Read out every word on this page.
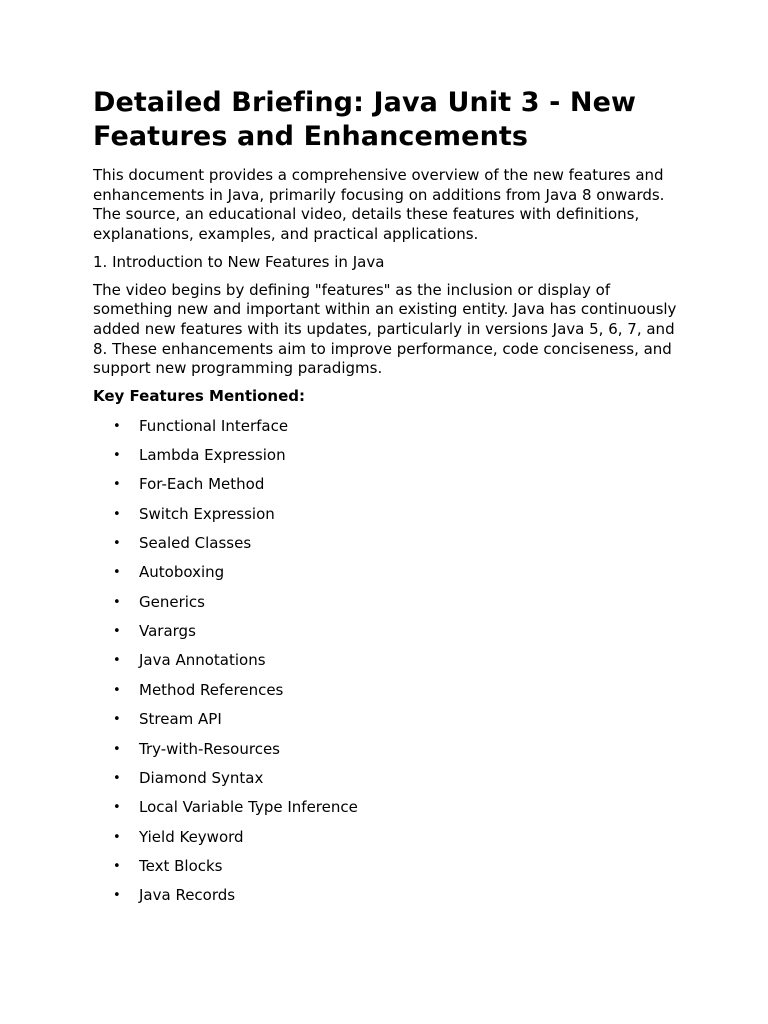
Detailed Briefing: Java Unit 3 - New Features and Enhancements

This document provides a comprehensive overview of the new features and enhancements in Java, primarily focusing on additions from Java 8 onwards. The source, an educational video, details these features with definitions, explanations, examples, and practical applications.

1. Introduction to New Features in Java

The video begins by defining "features" as the inclusion or display of something new and important within an existing entity. Java has continuously added new features with its updates, particularly in versions Java 5, 6, 7, and 8. These enhancements aim to improve performance, code conciseness, and support new programming paradigms.

Key Features Mentioned:

• Functional Interface
• Lambda Expression
• For-Each Method
• Switch Expression
• Sealed Classes
• Autoboxing
• Generics
• Varargs
• Java Annotations
• Method References
• Stream API
• Try-with-Resources
• Diamond Syntax
• Local Variable Type Inference
• Yield Keyword
• Text Blocks
• Java Records
